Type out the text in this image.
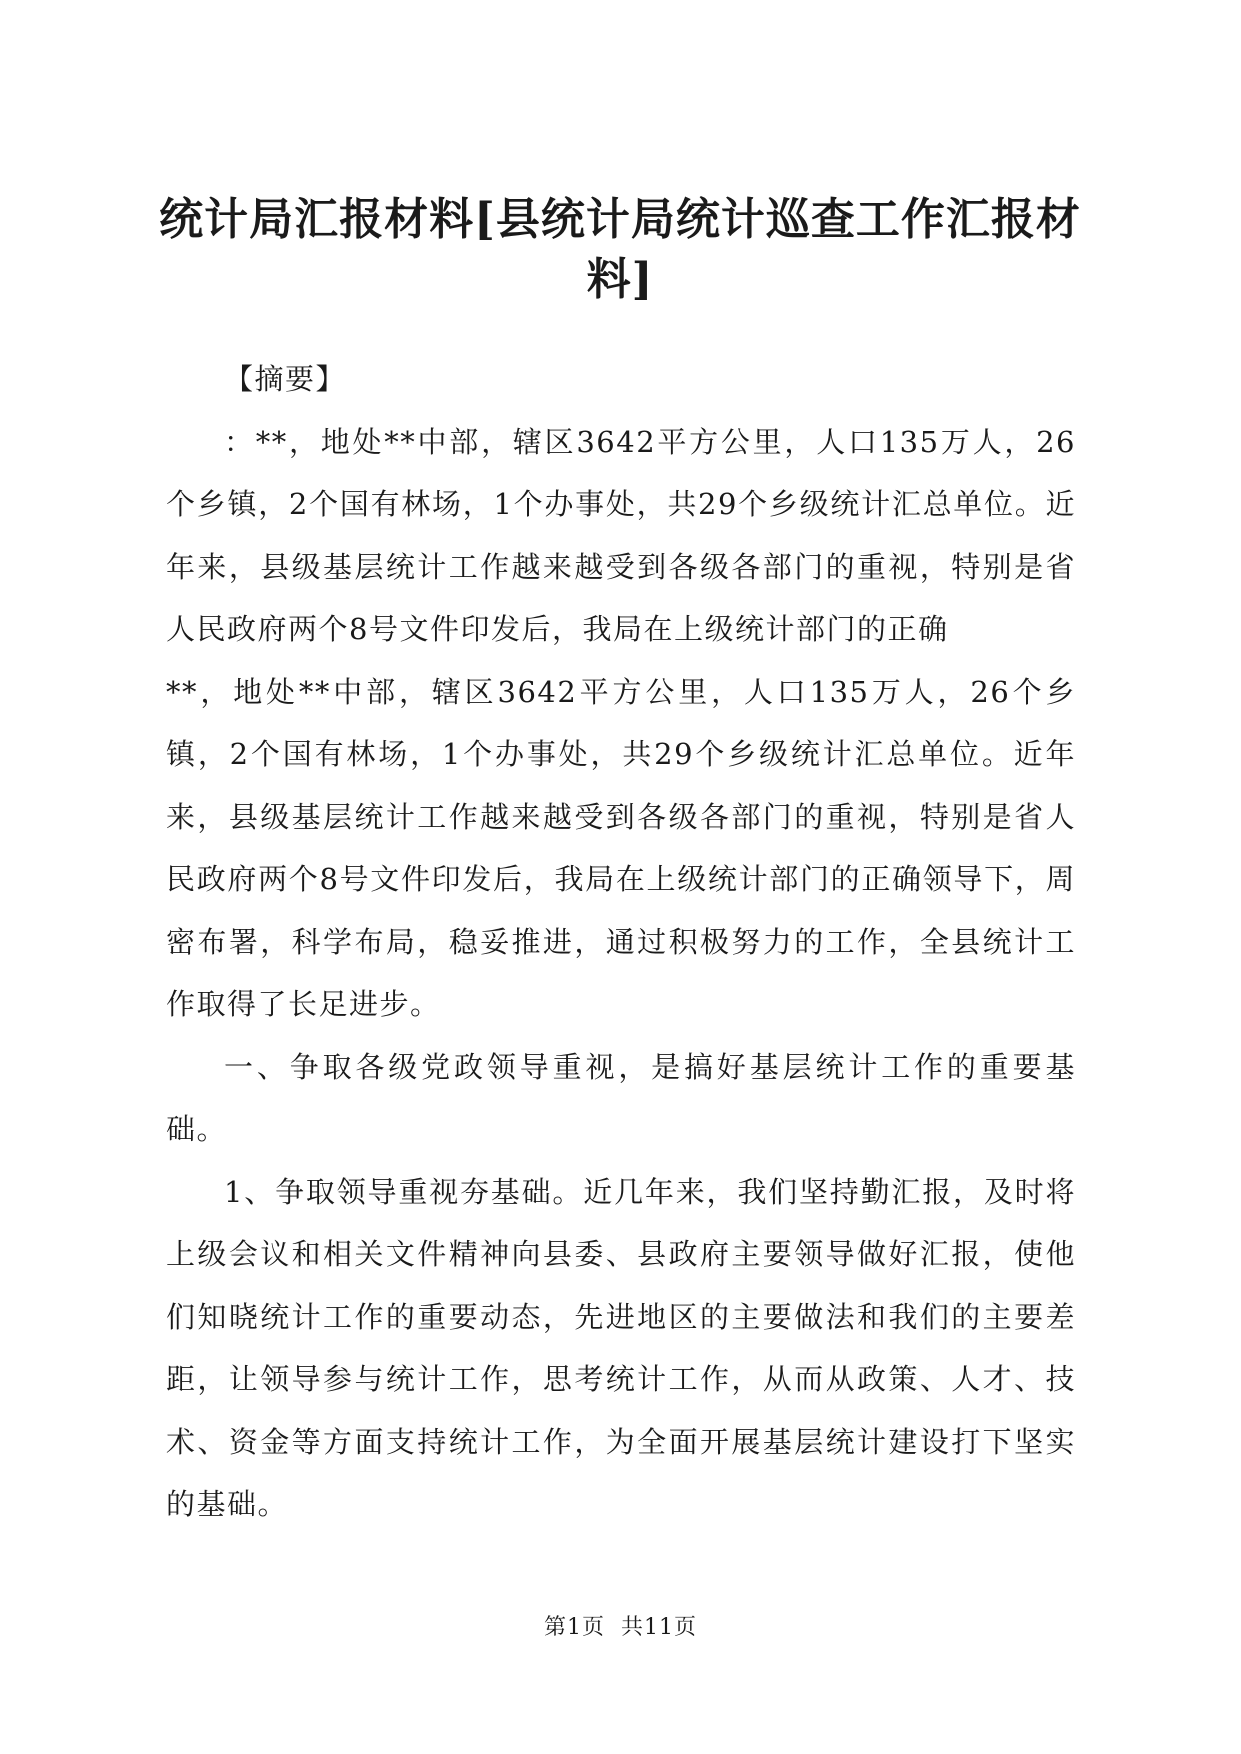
统计局汇报材料[县统计局统计巡查工作汇报材料]

【摘要】

：**，地处**中部，辖区3642平方公里，人口135万人，26个乡镇，2个国有林场，1个办事处，共29个乡级统计汇总单位。近年来，县级基层统计工作越来越受到各级各部门的重视，特别是省人民政府两个8号文件印发后，我局在上级统计部门的正确

**，地处**中部，辖区3642平方公里，人口135万人，26个乡镇，2个国有林场，1个办事处，共29个乡级统计汇总单位。近年来，县级基层统计工作越来越受到各级各部门的重视，特别是省人民政府两个8号文件印发后，我局在上级统计部门的正确领导下，周密布署，科学布局，稳妥推进，通过积极努力的工作，全县统计工作取得了长足进步。

一、争取各级党政领导重视，是搞好基层统计工作的重要基础。

1、争取领导重视夯基础。近几年来，我们坚持勤汇报，及时将上级会议和相关文件精神向县委、县政府主要领导做好汇报，使他们知晓统计工作的重要动态，先进地区的主要做法和我们的主要差距，让领导参与统计工作，思考统计工作，从而从政策、人才、技术、资金等方面支持统计工作，为全面开展基层统计建设打下坚实的基础。

第1页 共11页
